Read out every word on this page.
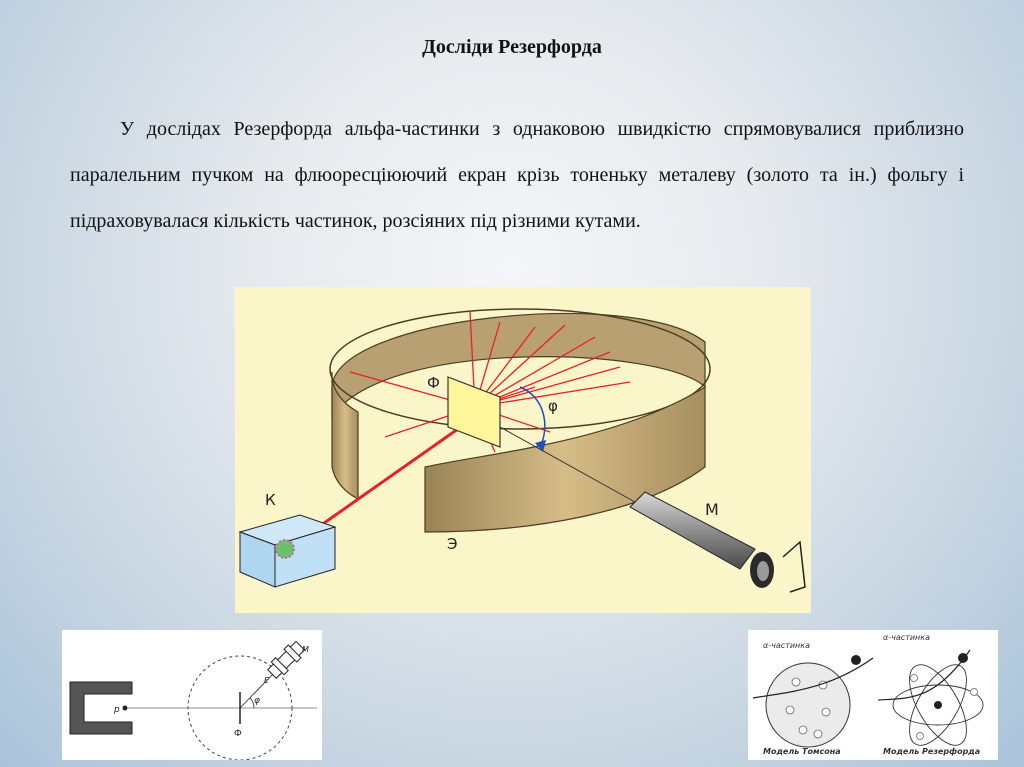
Досліди Резерфорда
У дослідах Резерфорда альфа-частинки з однаковою швидкістю спрямовувалися приблизно паралельним пучком на флюоресціюючий екран крізь тоненьку металеву (золото та ін.) фольгу і підраховувалася кількість частинок, розсіяних під різними кутами.
Ф
φ
М
К
Э
р
φ
Ф
Е
М	α-частинка
α-частинка
Модель Томсона	Модель Резерфорда
